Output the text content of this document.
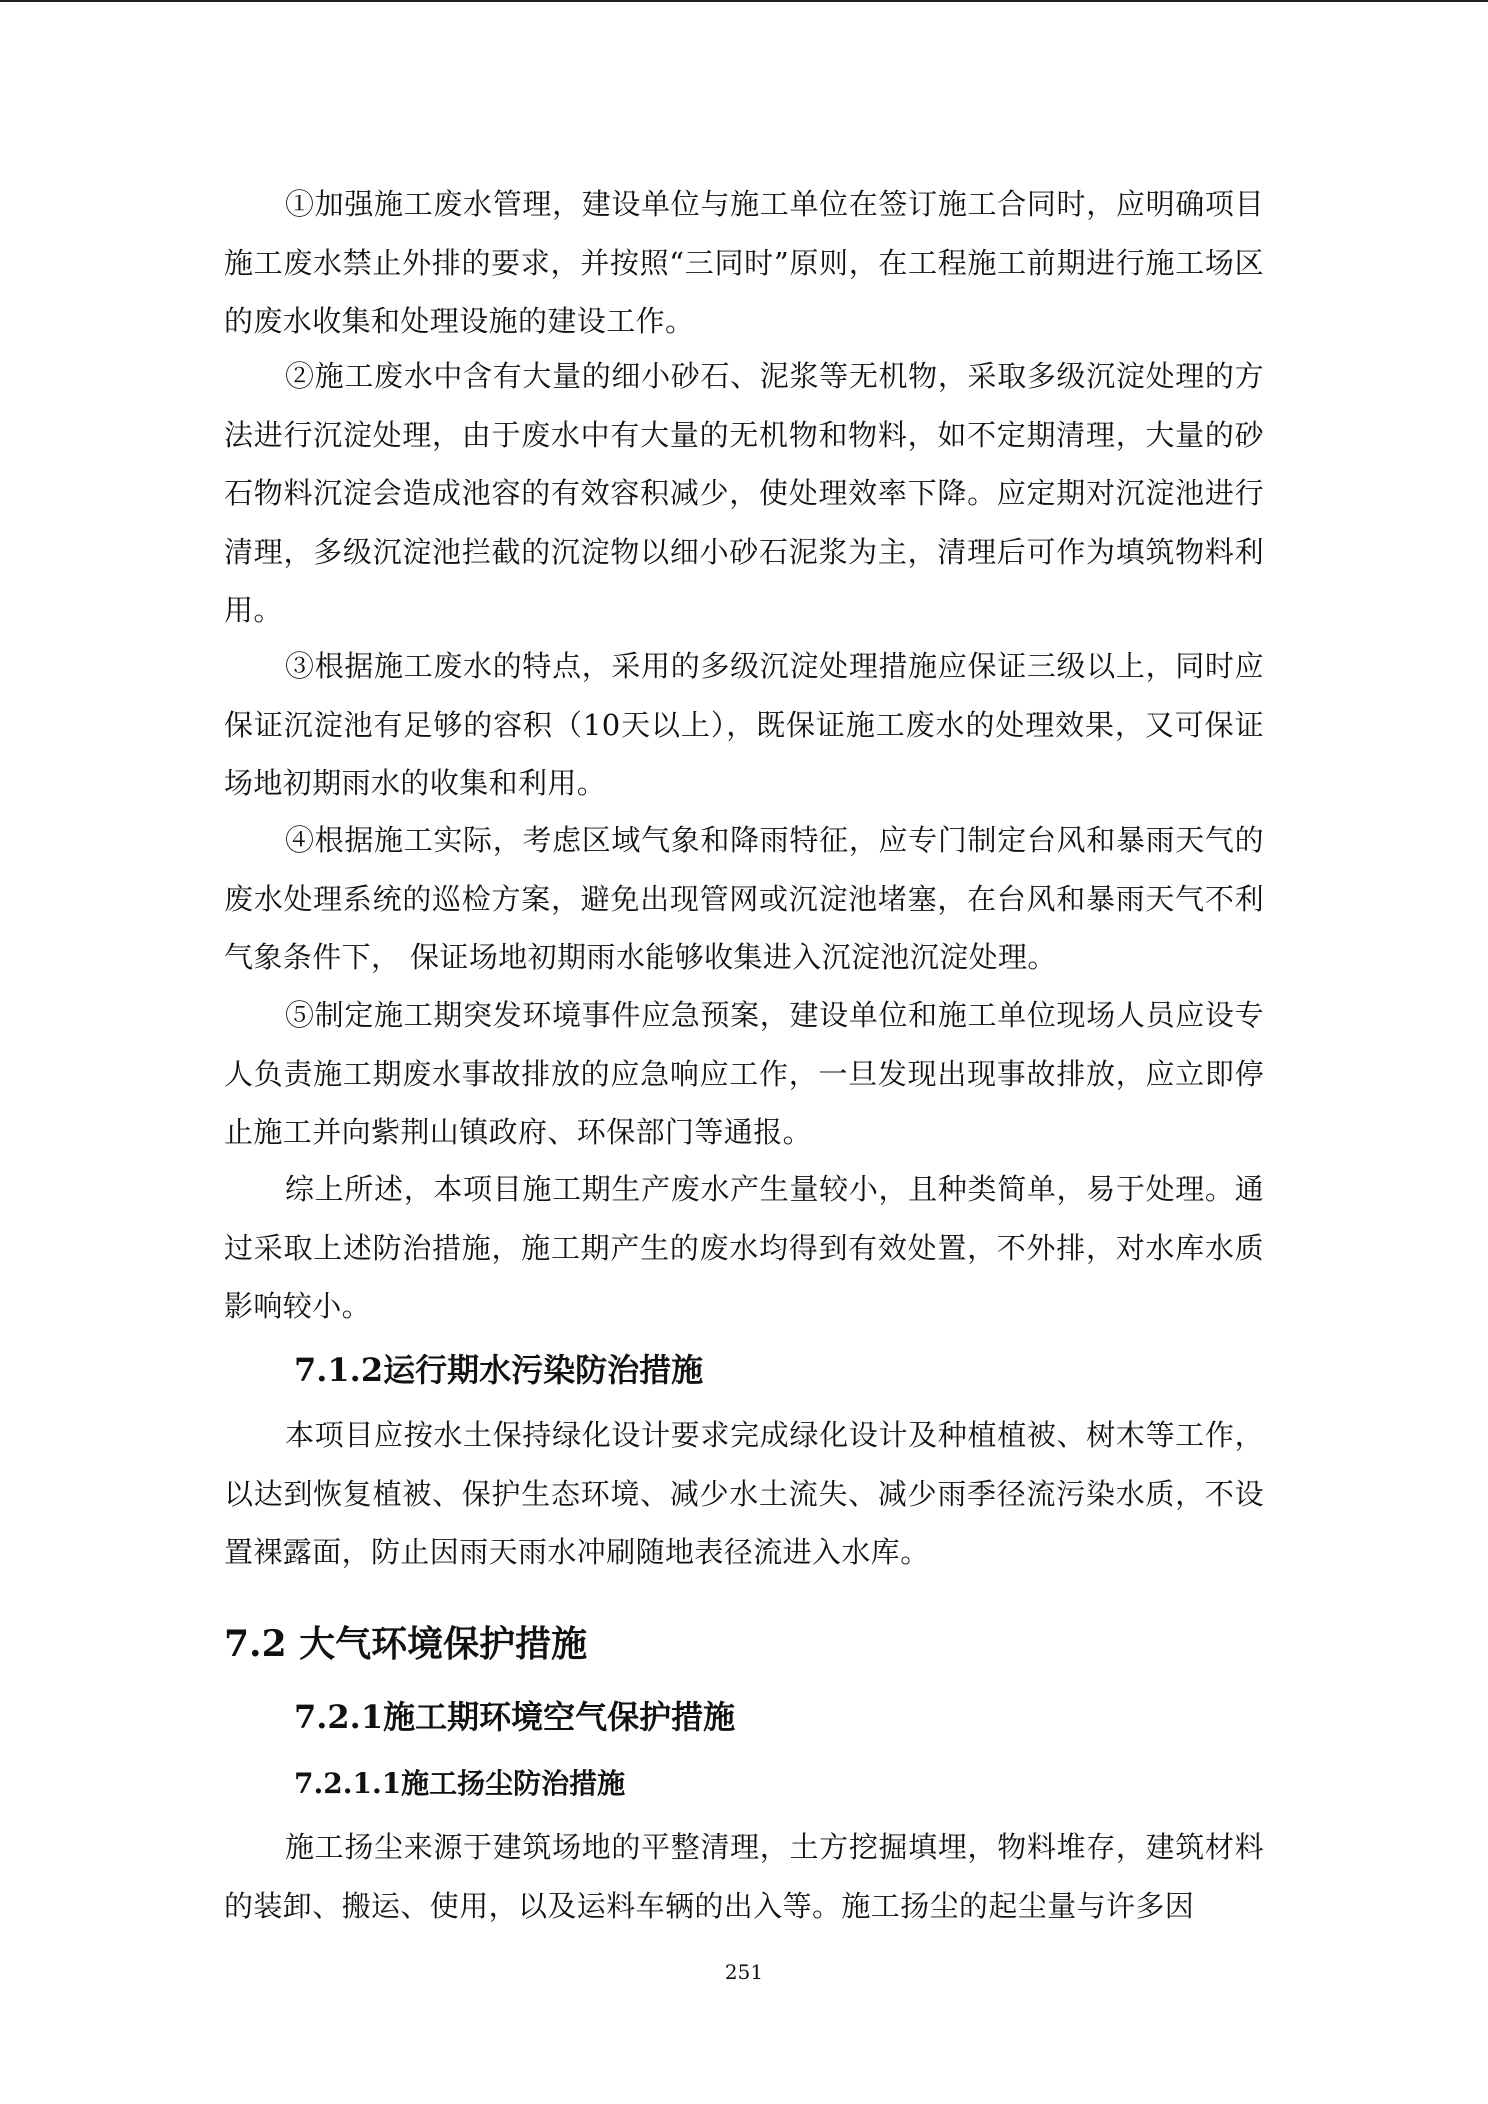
①加强施工废水管理，建设单位与施工单位在签订施工合同时，应明确项目施工废水禁止外排的要求，并按照“三同时”原则，在工程施工前期进行施工场区的废水收集和处理设施的建设工作。

②施工废水中含有大量的细小砂石、泥浆等无机物，采取多级沉淀处理的方法进行沉淀处理，由于废水中有大量的无机物和物料，如不定期清理，大量的砂石物料沉淀会造成池容的有效容积减少，使处理效率下降。应定期对沉淀池进行清理，多级沉淀池拦截的沉淀物以细小砂石泥浆为主，清理后可作为填筑物料利用。

③根据施工废水的特点，采用的多级沉淀处理措施应保证三级以上，同时应保证沉淀池有足够的容积（10天以上），既保证施工废水的处理效果，又可保证场地初期雨水的收集和利用。

④根据施工实际，考虑区域气象和降雨特征，应专门制定台风和暴雨天气的废水处理系统的巡检方案，避免出现管网或沉淀池堵塞，在台风和暴雨天气不利气象条件下， 保证场地初期雨水能够收集进入沉淀池沉淀处理。

⑤制定施工期突发环境事件应急预案，建设单位和施工单位现场人员应设专人负责施工期废水事故排放的应急响应工作，一旦发现出现事故排放，应立即停止施工并向紫荆山镇政府、环保部门等通报。

综上所述，本项目施工期生产废水产生量较小，且种类简单，易于处理。通过采取上述防治措施，施工期产生的废水均得到有效处置，不外排，对水库水质影响较小。

7.1.2运行期水污染防治措施

本项目应按水土保持绿化设计要求完成绿化设计及种植植被、树木等工作，以达到恢复植被、保护生态环境、减少水土流失、减少雨季径流污染水质，不设置裸露面，防止因雨天雨水冲刷随地表径流进入水库。

7.2 大气环境保护措施
7.2.1施工期环境空气保护措施
7.2.1.1施工扬尘防治措施

施工扬尘来源于建筑场地的平整清理，土方挖掘填埋，物料堆存，建筑材料的装卸、搬运、使用，以及运料车辆的出入等。施工扬尘的起尘量与许多因

251
